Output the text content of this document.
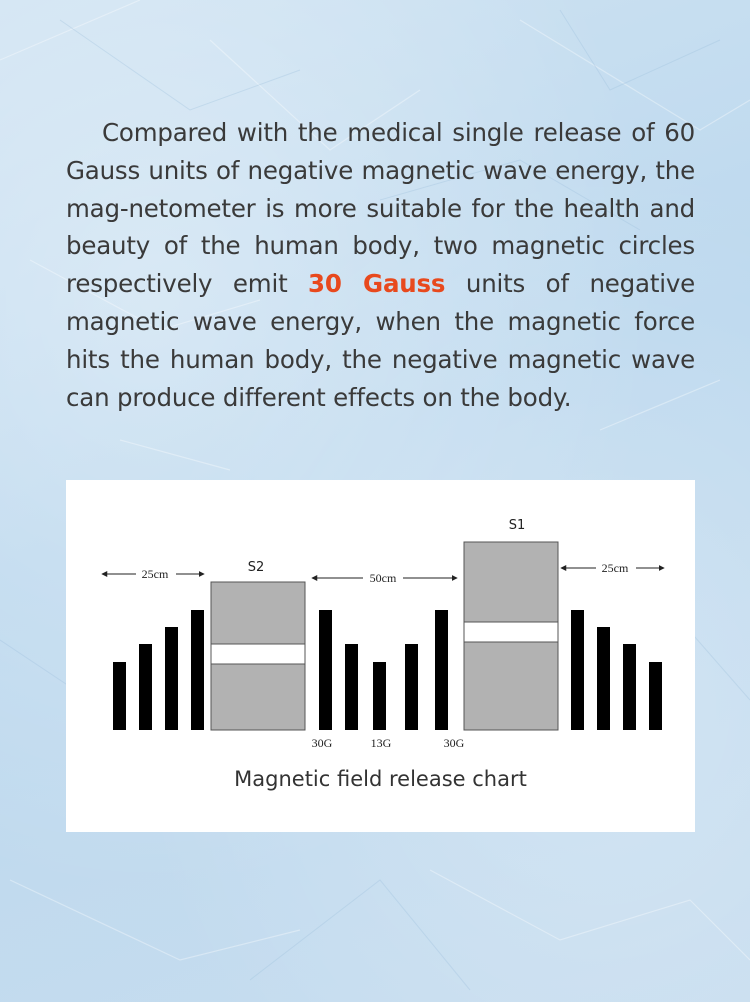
Compared with the medical single release of 60 Gauss units of negative magnetic wave energy, the mag-netometer is more suitable for the health and beauty of the human body, two magnetic circles respectively emit 30 Gauss units of negative magnetic wave energy, when the magnetic force hits the human body, the negative magnetic wave can produce different effects on the body.

S2
S1
25cm	50cm
25cm
30G	13G	30G
Magnetic field release chart
